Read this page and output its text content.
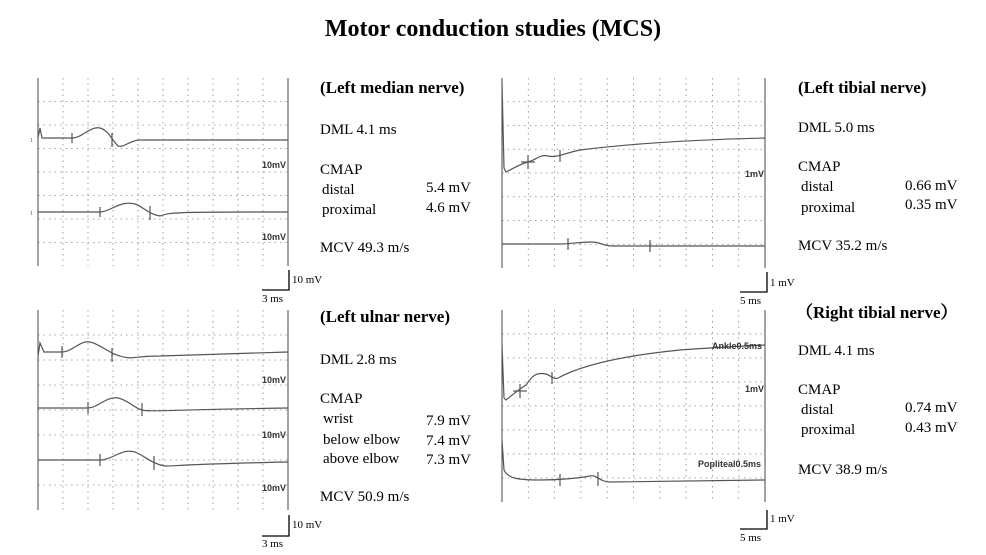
Motor conduction studies (MCS)
1
1
10mV
10mV
10mV
10mV
10mV
1mV
Ankle0.5ms
1mV
Popliteal0.5ms
10 mV
3 ms
10 mV
3 ms
1 mV
5 ms
1 mV
5 ms
(Left median nerve)
DML 4.1 ms
CMAP
distal	5.4 mV
proximal	4.6 mV
MCV 49.3 m/s
(Left ulnar nerve)
DML 2.8 ms
CMAP
wrist	7.9 mV
below elbow 7.4 mV
above elbow 7.3 mV
MCV 50.9 m/s
(Left tibial nerve)
DML 5.0 ms
CMAP
distal	0.66 mV
proximal	0.35 mV
MCV 35.2 m/s
（Right tibial nerve）
DML 4.1 ms
CMAP
distal	0.74 mV
proximal	0.43 mV
MCV 38.9 m/s
